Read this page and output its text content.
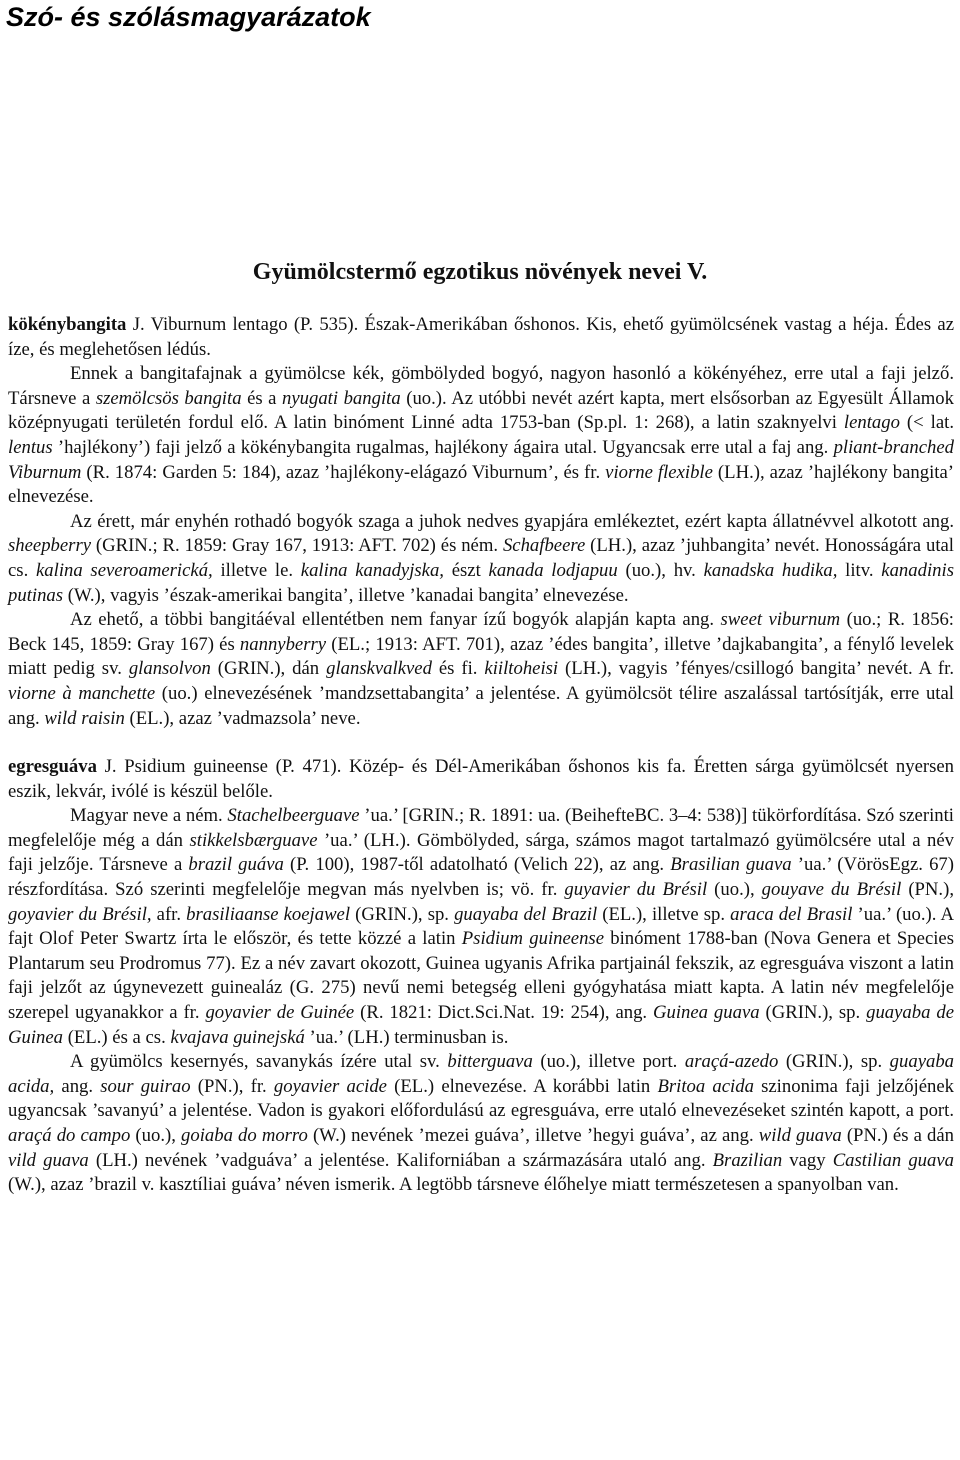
Szó- és szólásmagyarázatok
Gyümölcstermő egzotikus növények nevei V.

kökénybangita J. Viburnum lentago (P. 535). Észak-Amerikában őshonos. Kis, ehető gyümölcsének vastag a héja. Édes az íze, és meglehetősen lédús.

Ennek a bangitafajnak a gyümölcse kék, gömbölyded bogyó, nagyon hasonló a kökényéhez, erre utal a faji jelző. Társneve a szemölcsös bangita és a nyugati bangita (uo.). Az utóbbi nevét azért kapta, mert elsősorban az Egyesült Államok középnyugati területén fordul elő. A latin binóment Linné adta 1753-ban (Sp.pl. 1: 268), a latin szaknyelvi lentago (< lat. lentus ’hajlékony’) faji jelző a kökénybangita rugalmas, hajlékony ágaira utal. Ugyancsak erre utal a faj ang. pliant-branched Viburnum (R. 1874: Garden 5: 184), azaz ’hajlékony-elágazó Viburnum’, és fr. viorne flexible (LH.), azaz ’hajlékony bangita’ elnevezése.

Az érett, már enyhén rothadó bogyók szaga a juhok nedves gyapjára emlékeztet, ezért kapta állatnévvel alkotott ang. sheepberry (GRIN.; R. 1859: Gray 167, 1913: AFT. 702) és ném. Schafbeere (LH.), azaz ’juhbangita’ nevét. Honosságára utal cs. kalina severoamerická, illetve le. kalina kanadyjska, észt kanada lodjapuu (uo.), hv. kanadska hudika, litv. kanadinis putinas (W.), vagyis ’észak-amerikai bangita’, illetve ’kanadai bangita’ elnevezése.

Az ehető, a többi bangitáéval ellentétben nem fanyar ízű bogyók alapján kapta ang. sweet viburnum (uo.; R. 1856: Beck 145, 1859: Gray 167) és nannyberry (EL.; 1913: AFT. 701), azaz ’édes bangita’, illetve ’dajkabangita’, a fénylő levelek miatt pedig sv. glansolvon (GRIN.), dán glanskvalkved és fi. kiiltoheisi (LH.), vagyis ’fényes/csillogó bangita’ nevét. A fr. viorne à manchette (uo.) elnevezésének ’mandzsettabangita’ a jelentése. A gyümölcsöt télire aszalással tartósítják, erre utal ang. wild raisin (EL.), azaz ’vadmazsola’ neve.

egresguáva J. Psidium guineense (P. 471). Közép- és Dél-Amerikában őshonos kis fa. Éretten sárga gyümölcsét nyersen eszik, lekvár, ivólé is készül belőle.

Magyar neve a ném. Stachelbeerguave ’ua.’ [GRIN.; R. 1891: ua. (BeihefteBC. 3–4: 538)] tükörfordítása. Szó szerinti megfelelője még a dán stikkelsbærguave ’ua.’ (LH.). Gömbölyded, sárga, számos magot tartalmazó gyümölcsére utal a név faji jelzője. Társneve a brazil guáva (P. 100), 1987-től adatolható (Velich 22), az ang. Brasilian guava ’ua.’ (VörösEgz. 67) részfordítása. Szó szerinti megfelelője megvan más nyelvben is; vö. fr. guyavier du Brésil (uo.), gouyave du Brésil (PN.), goyavier du Brésil, afr. brasiliaanse koejawel (GRIN.), sp. guayaba del Brazil (EL.), illetve sp. araca del Brasil ’ua.’ (uo.). A fajt Olof Peter Swartz írta le először, és tette közzé a latin Psidium guineense binóment 1788-ban (Nova Genera et Species Plantarum seu Prodromus 77). Ez a név zavart okozott, Guinea ugyanis Afrika partjainál fekszik, az egresguáva viszont a latin faji jelzőt az úgynevezett guinealáz (G. 275) nevű nemi betegség elleni gyógyhatása miatt kapta. A latin név megfelelője szerepel ugyanakkor a fr. goyavier de Guinée (R. 1821: Dict.Sci.Nat. 19: 254), ang. Guinea guava (GRIN.), sp. guayaba de Guinea (EL.) és a cs. kvajava guinejská ’ua.’ (LH.) terminusban is.

A gyümölcs kesernyés, savanykás ízére utal sv. bitterguava (uo.), illetve port. araçá-azedo (GRIN.), sp. guayaba acida, ang. sour guirao (PN.), fr. goyavier acide (EL.) elnevezése. A korábbi latin Britoa acida szinonima faji jelzőjének ugyancsak ’savanyú’ a jelentése. Vadon is gyakori előfordulású az egresguáva, erre utaló elnevezéseket szintén kapott, a port. araçá do campo (uo.), goiaba do morro (W.) nevének ’mezei guáva’, illetve ’hegyi guáva’, az ang. wild guava (PN.) és a dán vild guava (LH.) nevének ’vadguáva’ a jelentése. Kaliforniában a származására utaló ang. Brazilian vagy Castilian guava (W.), azaz ’brazil v. kasztíliai guáva’ néven ismerik. A legtöbb társneve élőhelye miatt természetesen a spanyolban van.
